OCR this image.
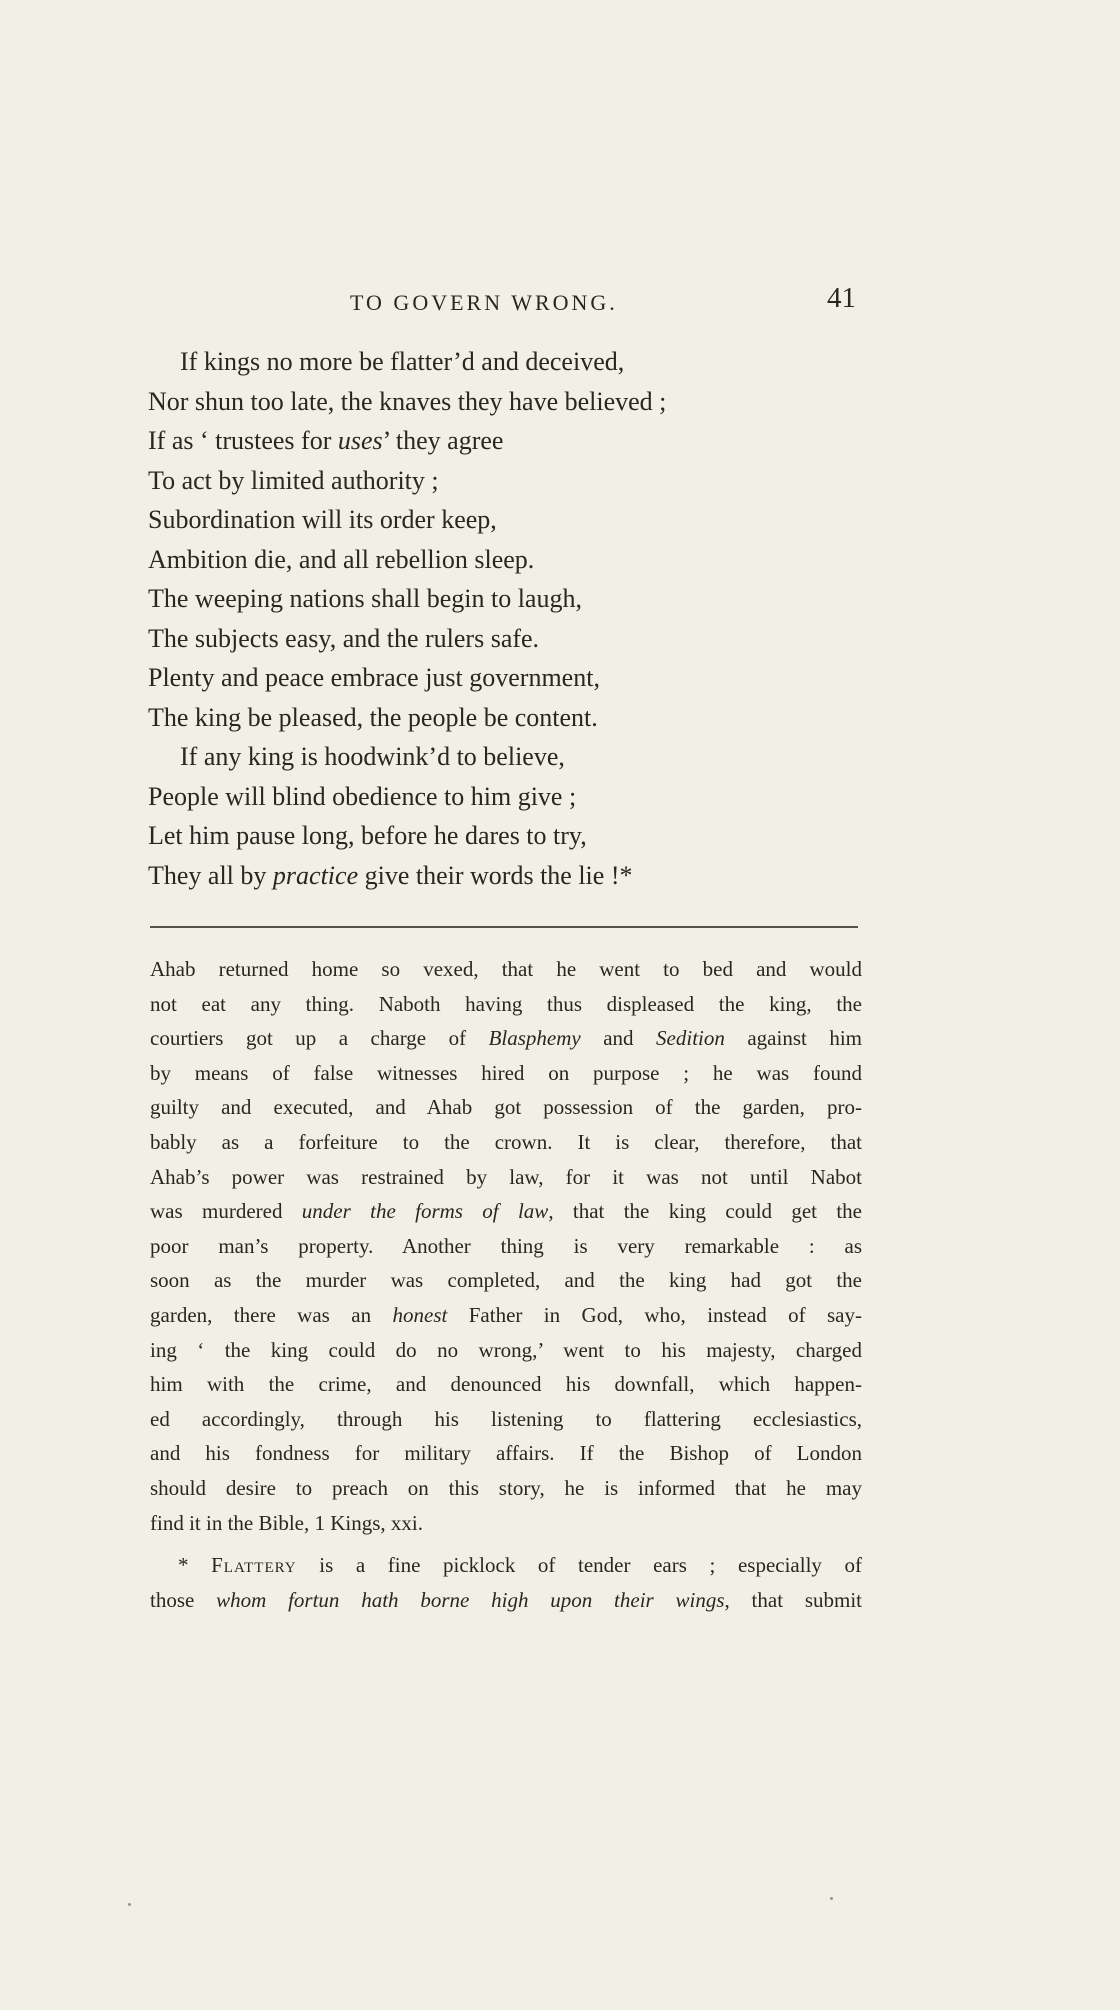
TO GOVERN WRONG.	41
If kings no more be flatter’d and deceived,
Nor shun too late, the knaves they have believed ;
If as ‘ trustees for uses’ they agree
To act by limited authority ;
Subordination will its order keep,
Ambition die, and all rebellion sleep.
The weeping nations shall begin to laugh,
The subjects easy, and the rulers safe.
Plenty and peace embrace just government,
The king be pleased, the people be content.
If any king is hoodwink’d to believe,
People will blind obedience to him give ;
Let him pause long, before he dares to try,
They all by practice give their words the lie !*
Ahab returned home so vexed, that he went to bed and would
not eat any thing. Naboth having thus displeased the king, the
courtiers got up a charge of Blasphemy and Sedition against him
by means of false witnesses hired on purpose ; he was found
guilty and executed, and Ahab got possession of the garden, pro-
bably as a forfeiture to the crown. It is clear, therefore, that
Ahab’s power was restrained by law, for it was not until Nabot
was murdered under the forms of law, that the king could get the
poor man’s property. Another thing is very remarkable : as
soon as the murder was completed, and the king had got the
garden, there was an honest Father in God, who, instead of say-
ing ‘ the king could do no wrong,’ went to his majesty, charged
him with the crime, and denounced his downfall, which happen-
ed accordingly, through his listening to flattering ecclesiastics,
and his fondness for military affairs. If the Bishop of London
should desire to preach on this story, he is informed that he may
find it in the Bible, 1 Kings, xxi.
* Flattery is a fine picklock of tender ears ; especially of
those whom fortun hath borne high upon their wings, that submit
